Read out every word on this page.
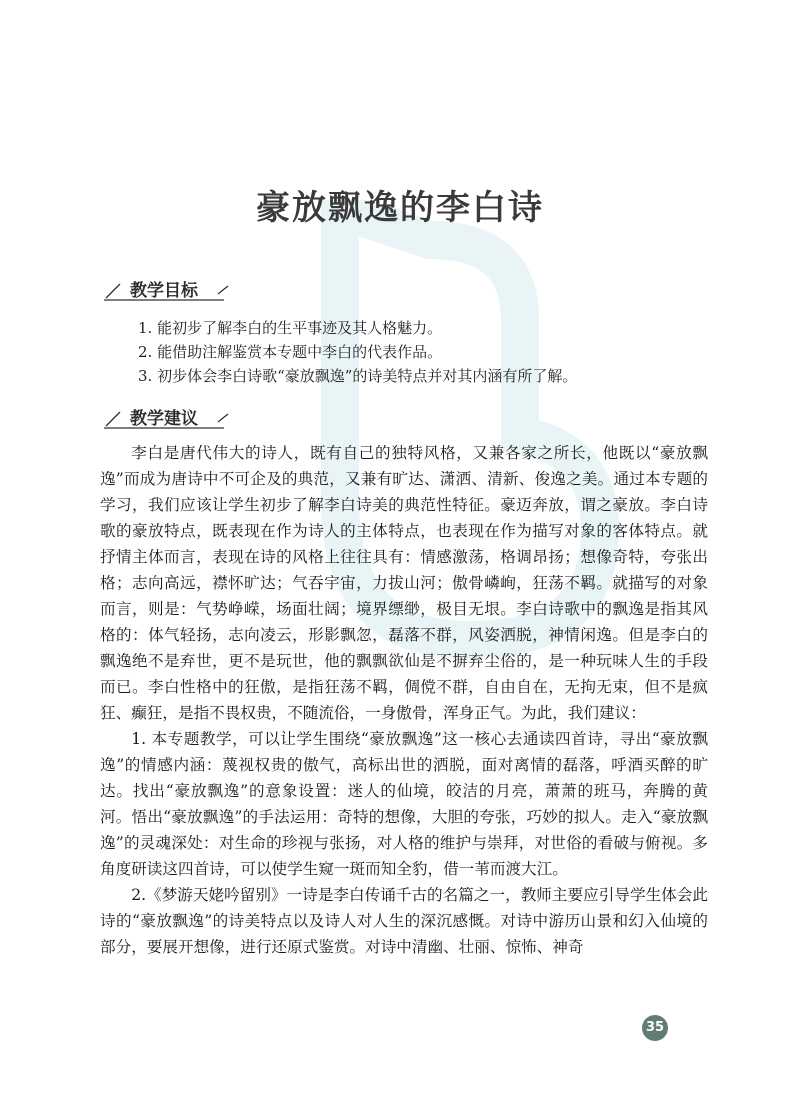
豪放飘逸的李白诗
教学目标
1. 能初步了解李白的生平事迹及其人格魅力。
2. 能借助注解鉴赏本专题中李白的代表作品。
3. 初步体会李白诗歌“豪放飘逸”的诗美特点并对其内涵有所了解。
教学建议

李白是唐代伟大的诗人，既有自己的独特风格，又兼各家之所长，他既以“豪放飘逸”而成为唐诗中不可企及的典范，又兼有旷达、潇洒、清新、俊逸之美。通过本专题的学习，我们应该让学生初步了解李白诗美的典范性特征。豪迈奔放，谓之豪放。李白诗歌的豪放特点，既表现在作为诗人的主体特点，也表现在作为描写对象的客体特点。就抒情主体而言，表现在诗的风格上往往具有：情感激荡，格调昂扬；想像奇特，夸张出格；志向高远，襟怀旷达；气吞宇宙，力拔山河；傲骨嶙峋，狂荡不羁。就描写的对象而言，则是：气势峥嵘，场面壮阔；境界缥缈，极目无垠。李白诗歌中的飘逸是指其风格的：体气轻扬，志向凌云，形影飘忽，磊落不群，风姿洒脱，神情闲逸。但是李白的飘逸绝不是弃世，更不是玩世，他的飘飘欲仙是不摒弃尘俗的，是一种玩味人生的手段而已。李白性格中的狂傲，是指狂荡不羁，倜傥不群，自由自在，无拘无束，但不是疯狂、癫狂，是指不畏权贵，不随流俗，一身傲骨，浑身正气。为此，我们建议：

1. 本专题教学，可以让学生围绕“豪放飘逸”这一核心去通读四首诗，寻出“豪放飘逸”的情感内涵：蔑视权贵的傲气，高标出世的洒脱，面对离情的磊落，呼酒买醉的旷达。找出“豪放飘逸”的意象设置：迷人的仙境，皎洁的月亮，萧萧的班马，奔腾的黄河。悟出“豪放飘逸”的手法运用：奇特的想像，大胆的夸张，巧妙的拟人。走入“豪放飘逸”的灵魂深处：对生命的珍视与张扬，对人格的维护与崇拜，对世俗的看破与俯视。多角度研读这四首诗，可以使学生窥一斑而知全豹，借一苇而渡大江。

2.《梦游天姥吟留别》一诗是李白传诵千古的名篇之一，教师主要应引导学生体会此诗的“豪放飘逸”的诗美特点以及诗人对人生的深沉感慨。对诗中游历山景和幻入仙境的部分，要展开想像，进行还原式鉴赏。对诗中清幽、壮丽、惊怖、神奇

35
